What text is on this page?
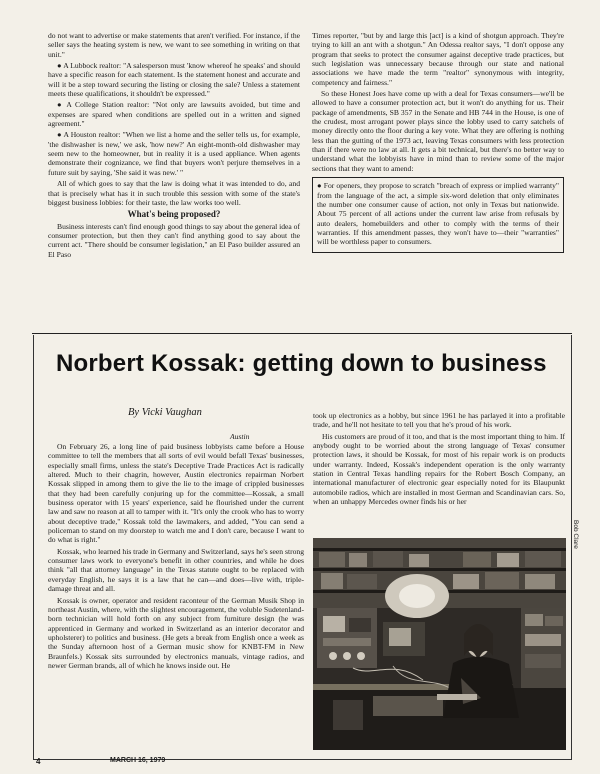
do not want to advertise or make statements that aren't verified. For instance, if the seller says the heating system is new, we want to see something in writing on that unit."

● A Lubbock realtor: "A salesperson must 'know whereof he speaks' and should have a specific reason for each statement. Is the statement honest and accurate and will it be a step toward securing the listing or closing the sale? Unless a statement meets these qualifications, it shouldn't be expressed."

● A College Station realtor: "Not only are lawsuits avoided, but time and expenses are spared when conditions are spelled out in a written and signed agreement."

● A Houston realtor: "When we list a home and the seller tells us, for example, 'the dishwasher is new,' we ask, 'how new?' An eight-month-old dishwasher may seem new to the homeowner, but in reality it is a used appliance. When agents demonstrate their cognizance, we find that buyers won't perjure themselves in a future suit by saying, 'She said it was new.' "

All of which goes to say that the law is doing what it was intended to do, and that is precisely what has it in such trouble this session with some of the state's biggest business lobbies: for their taste, the law works too well.

What's being proposed?

Business interests can't find enough good things to say about the general idea of consumer protection, but then they can't find anything good to say about the current act. "There should be consumer legislation," an El Paso builder assured an El Paso

Times reporter, "but by and large this [act] is a kind of shotgun approach. They're trying to kill an ant with a shotgun." An Odessa realtor says, "I don't oppose any program that seeks to protect the consumer against deceptive trade practices, but such legislation was unnecessary because through our state and national associations we have made the term "realtor" synonymous with integrity, competency and fairness."

So these Honest Joes have come up with a deal for Texas consumers—we'll be allowed to have a consumer protection act, but it won't do anything for us. Their package of amendments, SB 357 in the Senate and HB 744 in the House, is one of the crudest, most arrogant power plays since the lobby used to carry satchels of money directly onto the floor during a key vote. What they are offering is nothing less than the gutting of the 1973 act, leaving Texas consumers with less protection than if there were no law at all. It gets a bit technical, but there's no better way to understand what the lobbyists have in mind than to review some of the major sections that they want to amend:

● For openers, they propose to scratch "breach of express or implied warranty" from the language of the act, a simple six-word deletion that only eliminates the number one consumer cause of action, not only in Texas but nationwide. About 75 percent of all actions under the current law arise from refusals by auto dealers, homebuilders and other to comply with the terms of their warranties. If this amendment passes, they won't have to—their "warranties" will be worthless paper to consumers.

Norbert Kossak: getting down to business
By Vicki Vaughan
Austin

On February 26, a long line of paid business lobbyists came before a House committee to tell the members that all sorts of evil would befall Texas' businesses, especially small firms, unless the state's Deceptive Trade Practices Act is radically altered. Much to their chagrin, however, Austin electronics repairman Norbert Kossak slipped in among them to give the lie to the image of crippled businesses that they had been carefully conjuring up for the committee—Kossak, a small business operator with 15 years' experience, said he flourished under the current law and saw no reason at all to tamper with it. "It's only the crook who has to worry about deceptive trade," Kossak told the lawmakers, and added, "You can send a policeman to stand on my doorstep to watch me and I don't care, because I want to do what is right."

Kossak, who learned his trade in Germany and Switzerland, says he's seen strong consumer laws work to everyone's benefit in other countries, and while he does think "all that attorney language" in the Texas statute ought to be replaced with everyday English, he says it is a law that he can—and does—live with, triple-damage threat and all.

Kossak is owner, operator and resident raconteur of the German Musik Shop in northeast Austin, where, with the slightest encouragement, the voluble Sudetenland-born technician will hold forth on any subject from furniture design (he was apprenticed in Germany and worked in Switzerland as an interior decorator and upholsterer) to politics and business. (He gets a break from English once a week as the Sunday afternoon host of a German music show for KNBT-FM in New Braunfels.) Kossak sits surrounded by electronics manuals, vintage radios, and newer German brands, all of which he knows inside out. He

took up electronics as a hobby, but since 1961 he has parlayed it into a profitable trade, and he'll not hesitate to tell you that he's proud of his work.

His customers are proud of it too, and that is the most important thing to him. If anybody ought to be worried about the strong language of Texas' consumer protection laws, it should be Kossak, for most of his repair work is on products under warranty. Indeed, Kossak's independent operation is the only warranty station in Central Texas handling repairs for the Robert Bosch Company, an international manufacturer of electronic gear especially noted for its Blaupunkt automobile radios, which are installed in most German and Scandinavian cars. So, when an unhappy Mercedes owner finds his or her

Bob Clare
4	MARCH 16, 1979
